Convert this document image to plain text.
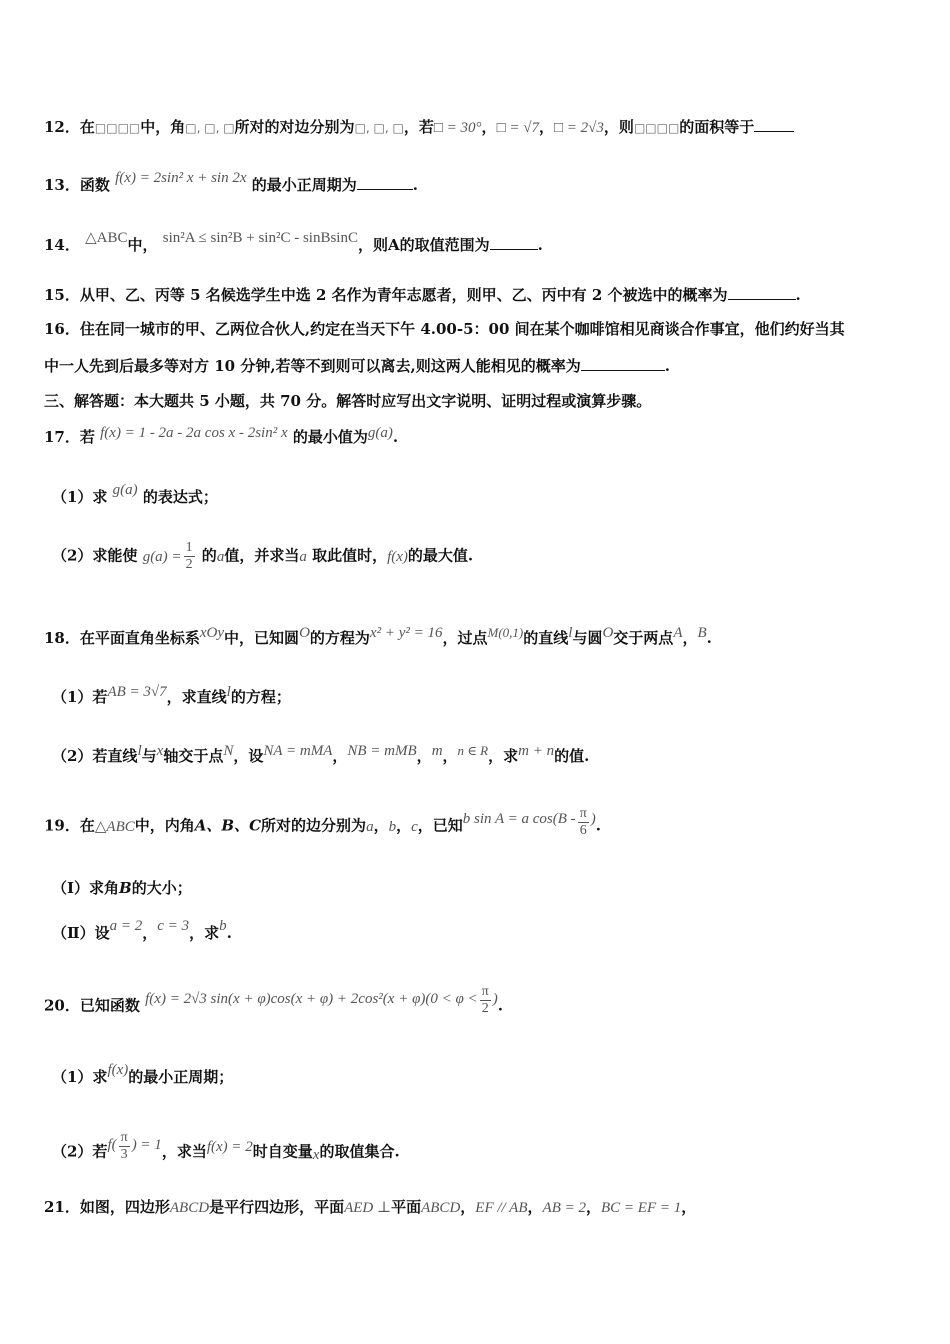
12．在□□□□中，角□, □, □所对的对边分别为□, □, □，若□ = 30°，□ = √7，□ = 2√3，则□□□□的面积等于
13．函数 f(x) = 2sin² x + sin 2x 的最小正周期为	.
14． △ABC中， sin²A ≤ sin²B + sin²C - sinBsinC，则A的取值范围为	.
15．从甲、乙、丙等 5 名候选学生中选 2 名作为青年志愿者，则甲、乙、丙中有 2 个被选中的概率为	.
16．住在同一城市的甲、乙两位合伙人,约定在当天下午 4.00-5：00 间在某个咖啡馆相见商谈合作事宜，他们约好当其
中一人先到后最多等对方 10 分钟,若等不到则可以离去,则这两人能相见的概率为	.
三、解答题：本大题共 5 小题，共 70 分。解答时应写出文字说明、证明过程或演算步骤。
17．若 f(x) = 1 - 2a - 2a cos x - 2sin² x 的最小值为g(a).
（1）求 g(a) 的表达式；
（2）求能使 $g(a) = \frac{1}{2}$ 的a值，并求当a 取此值时，f(x)的最大值.
18．在平面直角坐标系xOy中，已知圆O的方程为x² + y² = 16，过点M(0,1)的直线l与圆O交于两点A，B.
（1）若AB = 3√7，求直线l的方程；
（2）若直线l与x轴交于点N，设NA = mMA，NB = mMB，m，n ∈ R，求m + n的值.
19．在△ABC中，内角A、B、C所对的边分别为a，b，c，已知b sin A = a $\cos(B - \frac{\pi}{6}$ ).
（Ⅰ）求角B的大小；
（Ⅱ）设a = 2，c = 3，求b.
20．已知函数 f(x) = 2√3 $\sin(x + \varphi)\cos(x + \varphi) + 2\cos^2(x + \varphi)(0 < \varphi < \frac{\pi}{2}$ ).
（1）求f(x)的最小正周期；
（2）若$f( \frac{\pi}{3}$ ) = 1，求当f(x) = 2时自变量x的取值集合.
21．如图，四边形ABCD是平行四边形，平面AED ⊥平面ABCD，EF // AB，AB = 2，BC = EF = 1，
